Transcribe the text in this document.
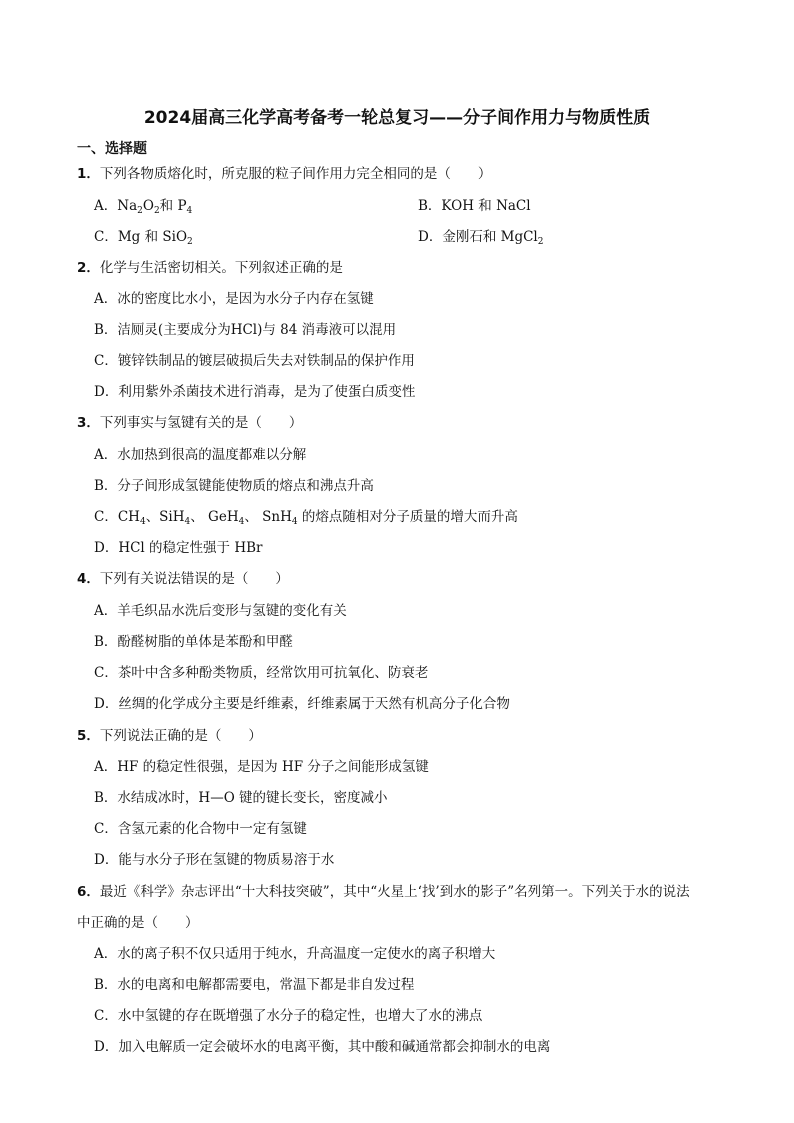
2024届高三化学高考备考一轮总复习——分子间作用力与物质性质
一、选择题
1．下列各物质熔化时，所克服的粒子间作用力完全相同的是（　　）
A．$Na_2O_2$和 $P_4$	B．KOH 和 NaCl
C．Mg 和 SiO$_2$	D．金刚石和 MgCl$_2$
2．化学与生活密切相关。下列叙述正确的是
A．冰的密度比水小，是因为水分子内存在氢键
B．洁厕灵(主要成分为HCl)与 84 消毒液可以混用
C．镀锌铁制品的镀层破损后失去对铁制品的保护作用
D．利用紫外杀菌技术进行消毒，是为了使蛋白质变性
3．下列事实与氢键有关的是（　　）
A．水加热到很高的温度都难以分解
B．分子间形成氢键能使物质的熔点和沸点升高
C．$CH_4$、SiH$_4$、 GeH$_4$、 SnH$_4$ 的熔点随相对分子质量的增大而升高
D．HCl 的稳定性强于 HBr
4．下列有关说法错误的是（　　）
A．羊毛织品水洗后变形与氢键的变化有关
B．酚醛树脂的单体是苯酚和甲醛
C．茶叶中含多种酚类物质，经常饮用可抗氧化、防衰老
D．丝绸的化学成分主要是纤维素，纤维素属于天然有机高分子化合物
5．下列说法正确的是（　　）
A．HF 的稳定性很强，是因为 HF 分子之间能形成氢键
B．水结成冰时，H—O 键的键长变长，密度减小
C．含氢元素的化合物中一定有氢键
D．能与水分子形在氢键的物质易溶于水
6．最近《科学》杂志评出“十大科技突破”，其中“火星上‘找’到水的影子”名列第一。下列关于水的说法
中正确的是（　　）
A．水的离子积不仅只适用于纯水，升高温度一定使水的离子积增大
B．水的电离和电解都需要电，常温下都是非自发过程
C．水中氢键的存在既增强了水分子的稳定性，也增大了水的沸点
D．加入电解质一定会破坏水的电离平衡，其中酸和碱通常都会抑制水的电离
